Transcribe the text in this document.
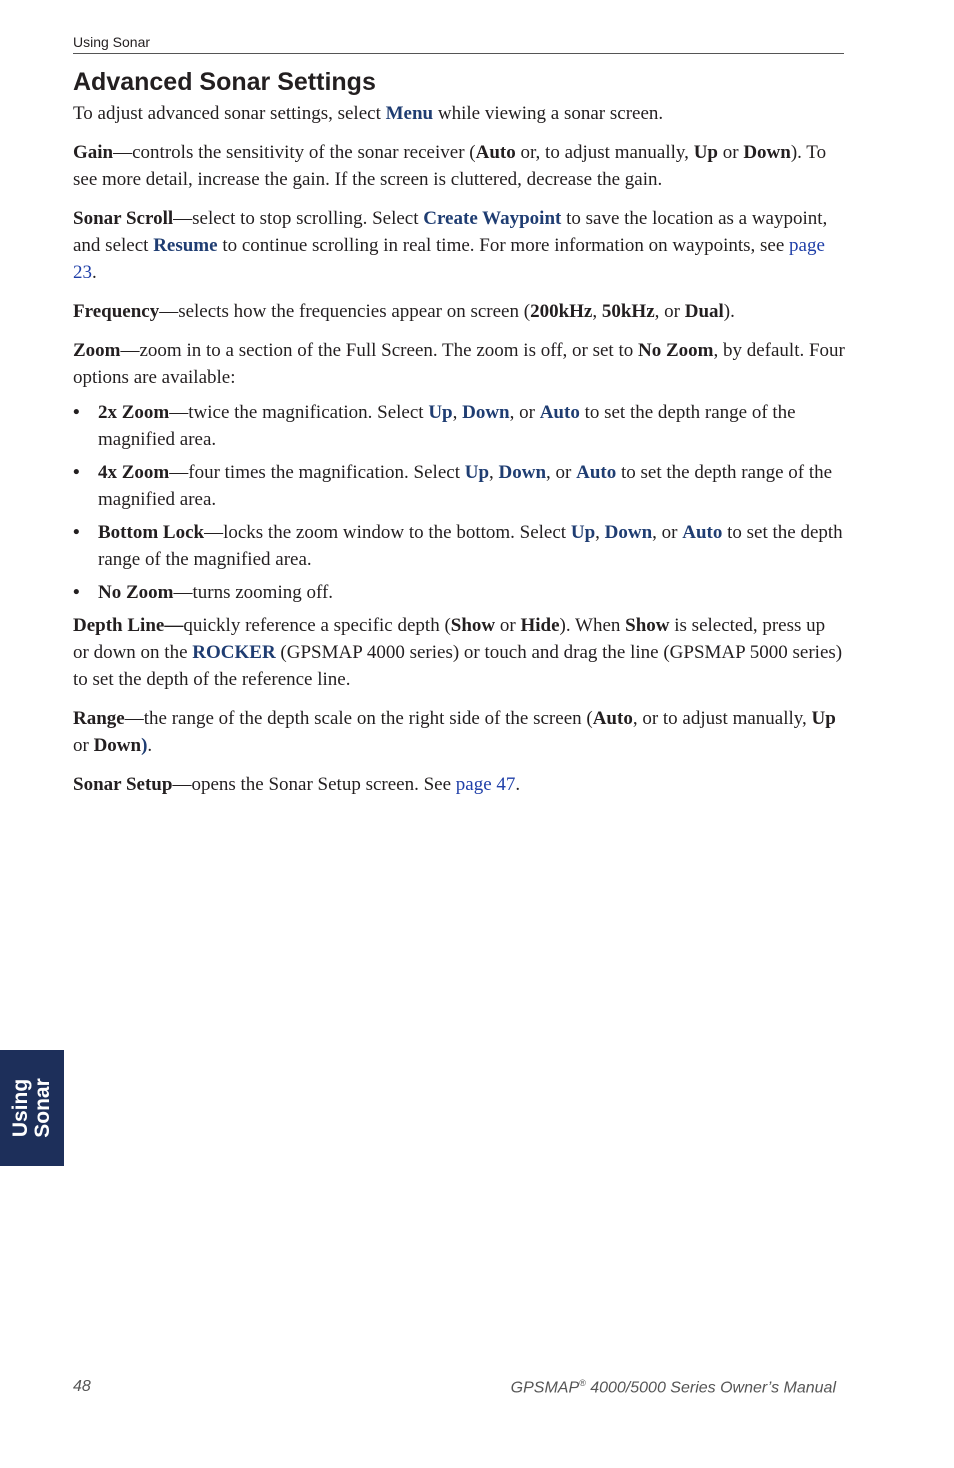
Using Sonar
Advanced Sonar Settings

To adjust advanced sonar settings, select Menu while viewing a sonar screen.

Gain—controls the sensitivity of the sonar receiver (Auto or, to adjust manually, Up or Down). To see more detail, increase the gain. If the screen is cluttered, decrease the gain.

Sonar Scroll—select to stop scrolling. Select Create Waypoint to save the location as a waypoint, and select Resume to continue scrolling in real time. For more information on waypoints, see page 23.

Frequency—selects how the frequencies appear on screen (200kHz, 50kHz, or Dual).

Zoom—zoom in to a section of the Full Screen. The zoom is off, or set to No Zoom, by default. Four options are available:

• 2x Zoom—twice the magnification. Select Up, Down, or Auto to set the depth range of the magnified area.
• 4x Zoom—four times the magnification. Select Up, Down, or Auto to set the depth range of the magnified area.
• Bottom Lock—locks the zoom window to the bottom. Select Up, Down, or Auto to set the depth range of the magnified area.
• No Zoom—turns zooming off.

Depth Line—quickly reference a specific depth (Show or Hide). When Show is selected, press up or down on the ROCKER (GPSMAP 4000 series) or touch and drag the line (GPSMAP 5000 series) to set the depth of the reference line.

Range—the range of the depth scale on the right side of the screen (Auto, or to adjust manually, Up or Down).

Sonar Setup—opens the Sonar Setup screen. See page 47.

Using
Sonar
48	GPSMAP® 4000/5000 Series Owner’s Manual
